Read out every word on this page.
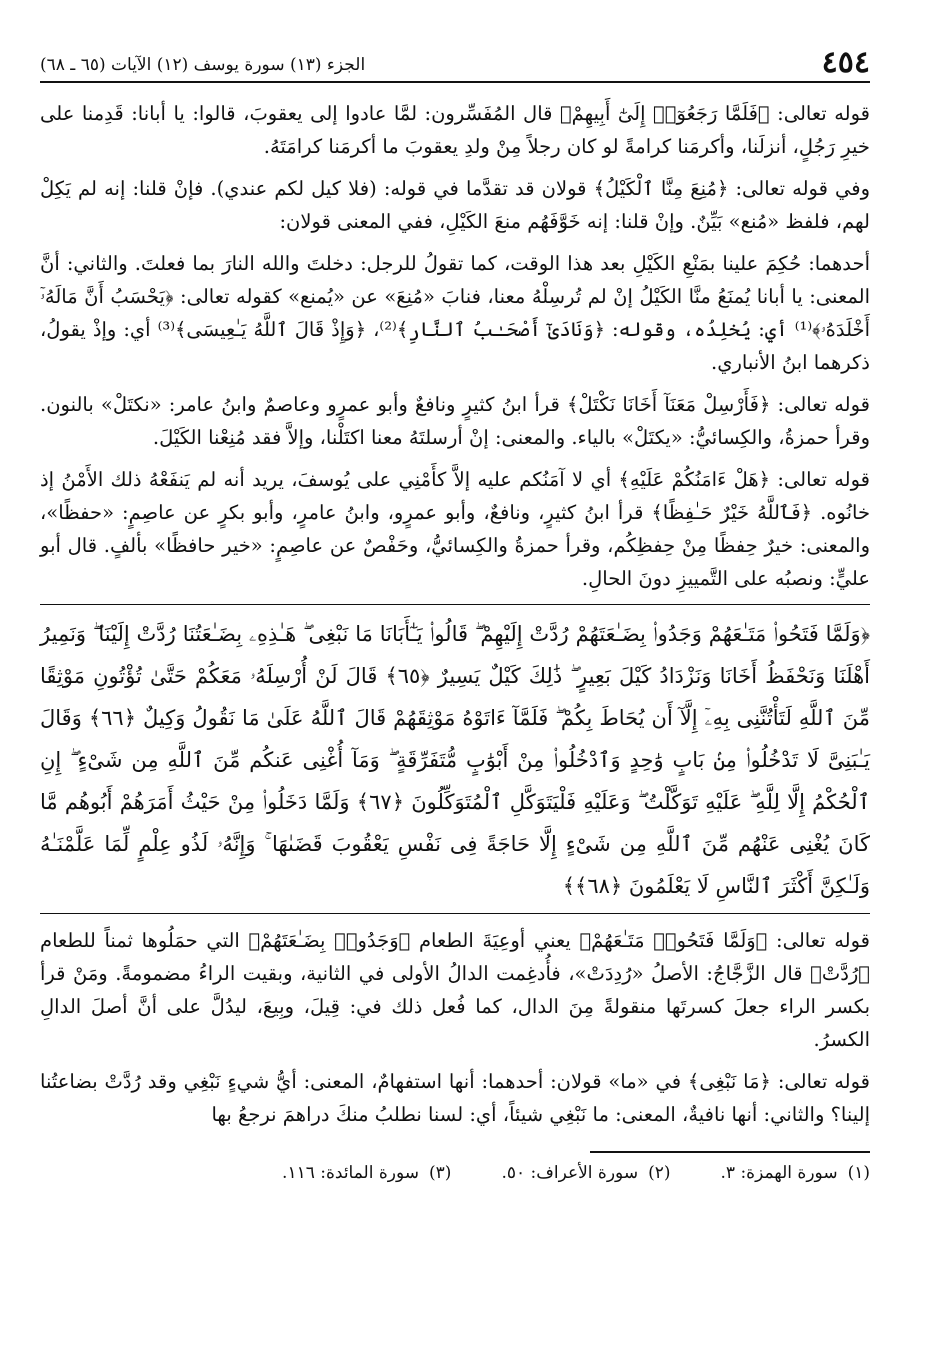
٤٥٤
الجزء (١٣) سورة يوسف (١٢) الآيات (٦٥ ـ ٦٨)

قوله تعالى: ﴿فَلَمَّا رَجَعُوٓا۟ إِلَىٰٓ أَبِيهِمْ﴾ قال المُفَسِّرون: لمَّا عادوا إلى يعقوبَ، قالوا: يا أبانا: قَدِمنا على خيرِ رَجُلٍ، أنزلَنا، وأكرمَنا كرامةً لو كان رجلاً مِنْ ولدِ يعقوبَ ما أكرمَنا كرامَتَهُ.

وفي قوله تعالى: ﴿مُنِعَ مِنَّا ٱلْكَيْلُ﴾ قولان قد تقدَّما في قوله: (فلا كيل لكم عندي). فإنْ قلنا: إنه لم يَكِلْ لهم، فلفظ «مُنع» بَيِّنٌ. وإنْ قلنا: إنه خَوَّفَهُم منعَ الكَيْلِ، ففي المعنى قولان:

أحدهما: حُكِمَ علينا بمَنْعِ الكَيْلِ بعد هذا الوقت، كما تقولُ للرجل: دخلتَ والله النارَ بما فعلتَ. والثاني: أنَّ المعنى: يا أبانا يُمنَعُ منَّا الكَيْلُ إنْ لم تُرسِلْهُ معنا، فنابَ «مُنِعَ» عن «يُمنع» كقوله تعالى: ﴿يَحْسَبُ أَنَّ مَالَهُۥٓ أَخْلَدَهُۥ﴾⁽¹⁾ أي: يُخلِدُه، وقوله: ﴿وَنَادَىٰٓ أَصْحَـٰبُ ٱلنَّارِ﴾⁽²⁾، ﴿وَإِذْ قَالَ ٱللَّهُ يَـٰعِيسَى﴾⁽³⁾ أي: وإذْ يقولُ، ذكرهما ابنُ الأنباري.

قوله تعالى: ﴿فَأَرْسِلْ مَعَنَآ أَخَانَا نَكْتَلْ﴾ قرأ ابنُ كثيرٍ ونافعٌ وأبو عمرٍو وعاصمٌ وابنُ عامر: «نكتَلْ» بالنون. وقرأ حمزةُ، والكِسائيُّ: «يكتَلْ» بالياء. والمعنى: إنْ أرسلتَهُ معنا اكتَلْنا، وإلاَّ فقد مُنِعْنا الكَيْلَ.

قوله تعالى: ﴿هَلْ ءَامَنُكُمْ عَلَيْهِ﴾ أي لا آمَنُكم عليه إلاَّ كأَمْنِي على يُوسفَ، يريد أنه لم يَنفَعْهُ ذلك الأَمْنُ إذ خانُوه. ﴿فَٱللَّهُ خَيْرٌ حَـٰفِظًا﴾ قرأ ابنُ كثيرٍ، ونافعٌ، وأبو عمرٍو، وابنُ عامرٍ، وأبو بكرٍ عن عاصِمٍ: «حفظًا»، والمعنى: خيرٌ حِفظًا مِنْ حِفظِكُم، وقرأ حمزةُ والكِسائيُّ، وحَفْصٌ عن عاصِمٍ: «خير حافظًا» بألفٍ. قال أبو عليٍّ: ونصبُه على التَّمييزِ دونَ الحالِ.

﴿وَلَمَّا فَتَحُوا۟ مَتَـٰعَهُمْ وَجَدُوا۟ بِضَـٰعَتَهُمْ رُدَّتْ إِلَيْهِمْ ۖ قَالُوا۟ يَـٰٓأَبَانَا مَا نَبْغِى ۖ هَـٰذِهِۦ بِضَـٰعَتُنَا رُدَّتْ إِلَيْنَا ۖ وَنَمِيرُ أَهْلَنَا وَنَحْفَظُ أَخَانَا وَنَزْدَادُ كَيْلَ بَعِيرٍ ۖ ذَٰلِكَ كَيْلٌ يَسِيرٌ ﴿٦٥﴾ قَالَ لَنْ أُرْسِلَهُۥ مَعَكُمْ حَتَّىٰ تُؤْتُونِ مَوْثِقًا مِّنَ ٱللَّهِ لَتَأْتُنَّنِى بِهِۦٓ إِلَّآ أَن يُحَاطَ بِكُمْ ۖ فَلَمَّآ ءَاتَوْهُ مَوْثِقَهُمْ قَالَ ٱللَّهُ عَلَىٰ مَا نَقُولُ وَكِيلٌ ﴿٦٦﴾ وَقَالَ يَـٰبَنِىَّ لَا تَدْخُلُوا۟ مِنۢ بَابٍ وَٰحِدٍ وَٱدْخُلُوا۟ مِنْ أَبْوَٰبٍ مُّتَفَرِّقَةٍ ۖ وَمَآ أُغْنِى عَنكُم مِّنَ ٱللَّهِ مِن شَىْءٍ ۖ إِنِ ٱلْحُكْمُ إِلَّا لِلَّهِ ۖ عَلَيْهِ تَوَكَّلْتُ ۖ وَعَلَيْهِ فَلْيَتَوَكَّلِ ٱلْمُتَوَكِّلُونَ ﴿٦٧﴾ وَلَمَّا دَخَلُوا۟ مِنْ حَيْثُ أَمَرَهُمْ أَبُوهُم مَّا كَانَ يُغْنِى عَنْهُم مِّنَ ٱللَّهِ مِن شَىْءٍ إِلَّا حَاجَةً فِى نَفْسِ يَعْقُوبَ قَضَىٰهَا ۚ وَإِنَّهُۥ لَذُو عِلْمٍ لِّمَا عَلَّمْنَـٰهُ وَلَـٰكِنَّ أَكْثَرَ ٱلنَّاسِ لَا يَعْلَمُونَ ﴿٦٨﴾﴾

قوله تعالى: ﴿وَلَمَّا فَتَحُوا۟ مَتَـٰعَهُمْ﴾ يعني أوعِيَةَ الطعام ﴿وَجَدُوا۟ بِضَـٰعَتَهُمْ﴾ التي حمَلُوها ثمناً للطعام ﴿رُدَّتْ﴾ قال الزَّجَّاجُ: الأصلُ «رُدِدَتْ»، فأُدغِمت الدالُ الأولى في الثانية، وبقيت الراءُ مضمومةً. ومَنْ قرأ بكسر الراء جعلَ كسرتَها منقولةً مِنَ الدال، كما فُعل ذلك في: قِيلَ، وبِيعَ، ليدُلَّ على أنَّ أصلَ الدالِ الكسرُ.

قوله تعالى: ﴿مَا نَبْغِى﴾ في «ما» قولان: أحدهما: أنها استفهامٌ، المعنى: أيُّ شيءٍ نَبْغِي وقد رُدَّتْ بضاعتُنا إلينا؟ والثاني: أنها نافيةٌ، المعنى: ما نَبْغِي شيئاً، أي: لسنا نطلبُ منكَ دراهمَ نرجعُ بها

(١)
سورة الهمزة: ٣.
(٢)
سورة الأعراف: ٥٠.
(٣)
سورة المائدة: ١١٦.
